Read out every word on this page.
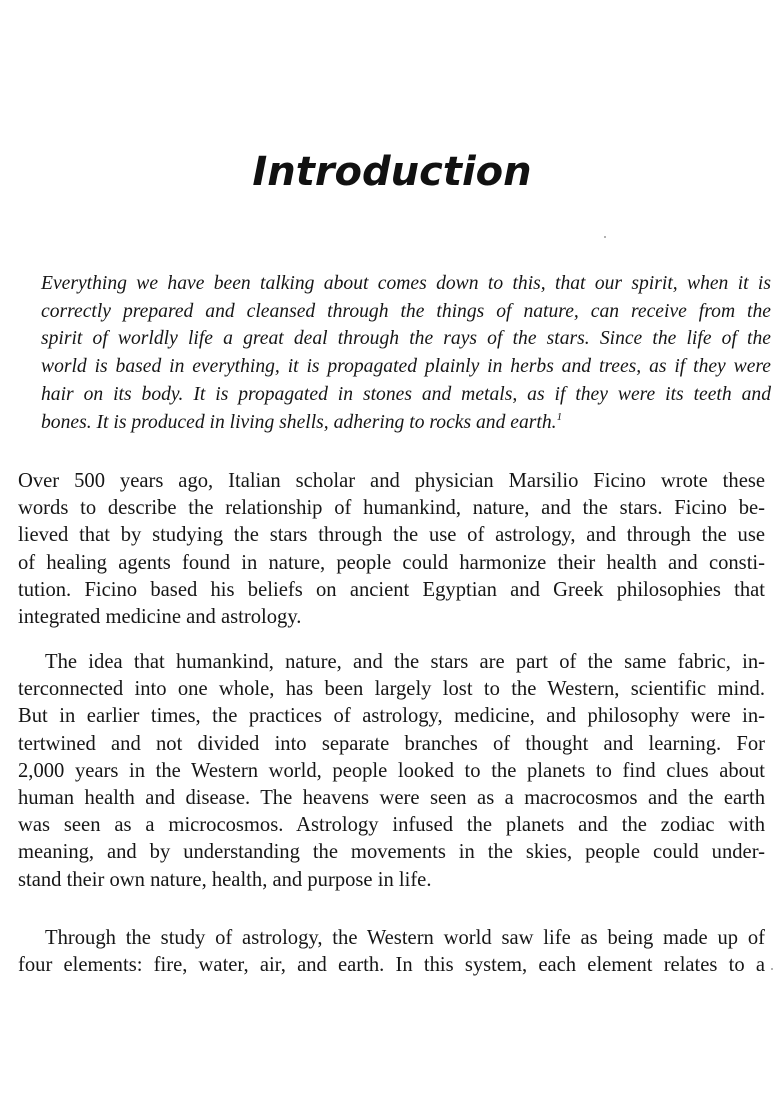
Introduction
Everything we have been talking about comes down to this, that our spirit, when it is
correctly prepared and cleansed through the things of nature, can receive from the
spirit of worldly life a great deal through the rays of the stars. Since the life of the
world is based in everything, it is propagated plainly in herbs and trees, as if they were
hair on its body. It is propagated in stones and metals, as if they were its teeth and
bones. It is produced in living shells, adhering to rocks and earth.$^1$
Over 500 years ago, Italian scholar and physician Marsilio Ficino wrote these
words to describe the relationship of humankind, nature, and the stars. Ficino be-
lieved that by studying the stars through the use of astrology, and through the use
of healing agents found in nature, people could harmonize their health and consti-
tution. Ficino based his beliefs on ancient Egyptian and Greek philosophies that
integrated medicine and astrology.
The idea that humankind, nature, and the stars are part of the same fabric, in-
terconnected into one whole, has been largely lost to the Western, scientific mind.
But in earlier times, the practices of astrology, medicine, and philosophy were in-
tertwined and not divided into separate branches of thought and learning. For
2,000 years in the Western world, people looked to the planets to find clues about
human health and disease. The heavens were seen as a macrocosmos and the earth
was seen as a microcosmos. Astrology infused the planets and the zodiac with
meaning, and by understanding the movements in the skies, people could under-
stand their own nature, health, and purpose in life.
Through the study of astrology, the Western world saw life as being made up of
four elements: fire, water, air, and earth. In this system, each element relates to a
